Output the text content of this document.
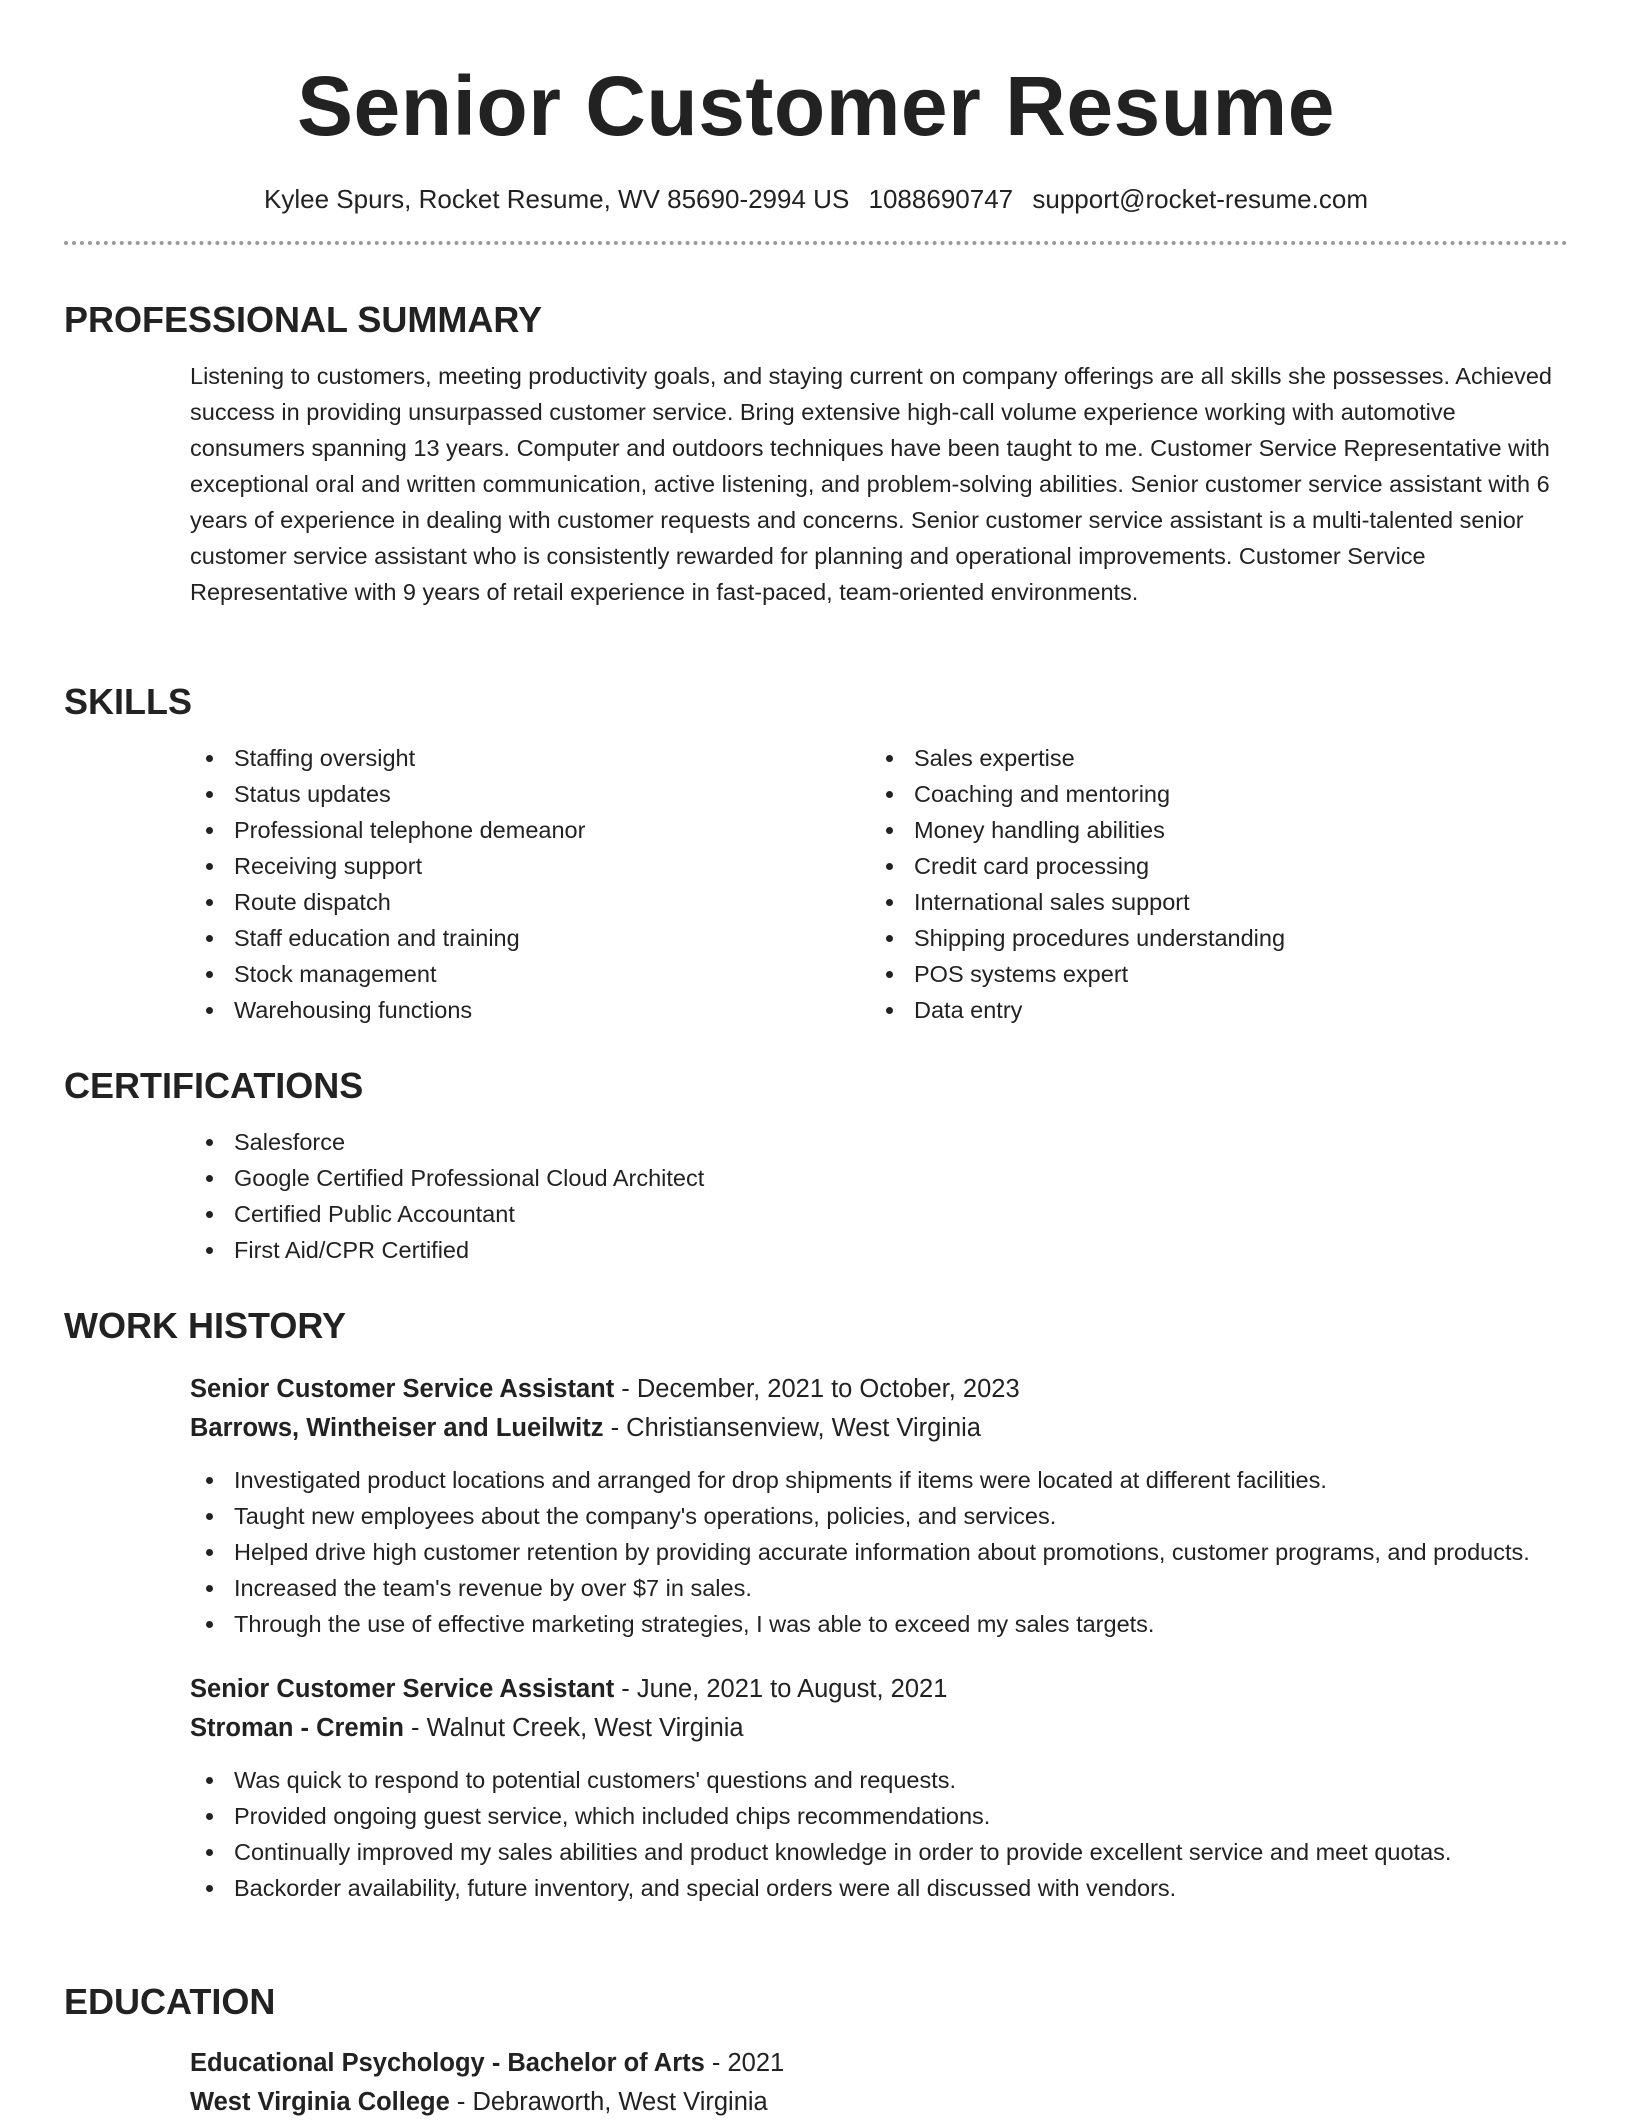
Senior Customer Resume
Kylee Spurs, Rocket Resume, WV 85690-2994 US 1088690747 support@rocket-resume.com
PROFESSIONAL SUMMARY
Listening to customers, meeting productivity goals, and staying current on company offerings are all skills she possesses. Achieved success in providing unsurpassed customer service. Bring extensive high-call volume experience working with automotive consumers spanning 13 years. Computer and outdoors techniques have been taught to me. Customer Service Representative with exceptional oral and written communication, active listening, and problem-solving abilities. Senior customer service assistant with 6 years of experience in dealing with customer requests and concerns. Senior customer service assistant is a multi-talented senior customer service assistant who is consistently rewarded for planning and operational improvements. Customer Service Representative with 9 years of retail experience in fast-paced, team-oriented environments.
SKILLS
Staffing oversight
Status updates
Professional telephone demeanor
Receiving support
Route dispatch
Staff education and training
Stock management
Warehousing functions
Sales expertise
Coaching and mentoring
Money handling abilities
Credit card processing
International sales support
Shipping procedures understanding
POS systems expert
Data entry
CERTIFICATIONS
Salesforce
Google Certified Professional Cloud Architect
Certified Public Accountant
First Aid/CPR Certified
WORK HISTORY
Senior Customer Service Assistant - December, 2021 to October, 2023
Barrows, Wintheiser and Lueilwitz - Christiansenview, West Virginia
Investigated product locations and arranged for drop shipments if items were located at different facilities.
Taught new employees about the company's operations, policies, and services.
Helped drive high customer retention by providing accurate information about promotions, customer programs, and products.
Increased the team's revenue by over $7 in sales.
Through the use of effective marketing strategies, I was able to exceed my sales targets.
Senior Customer Service Assistant - June, 2021 to August, 2021
Stroman - Cremin - Walnut Creek, West Virginia
Was quick to respond to potential customers' questions and requests.
Provided ongoing guest service, which included chips recommendations.
Continually improved my sales abilities and product knowledge in order to provide excellent service and meet quotas.
Backorder availability, future inventory, and special orders were all discussed with vendors.
EDUCATION
Educational Psychology - Bachelor of Arts - 2021
West Virginia College - Debraworth, West Virginia
